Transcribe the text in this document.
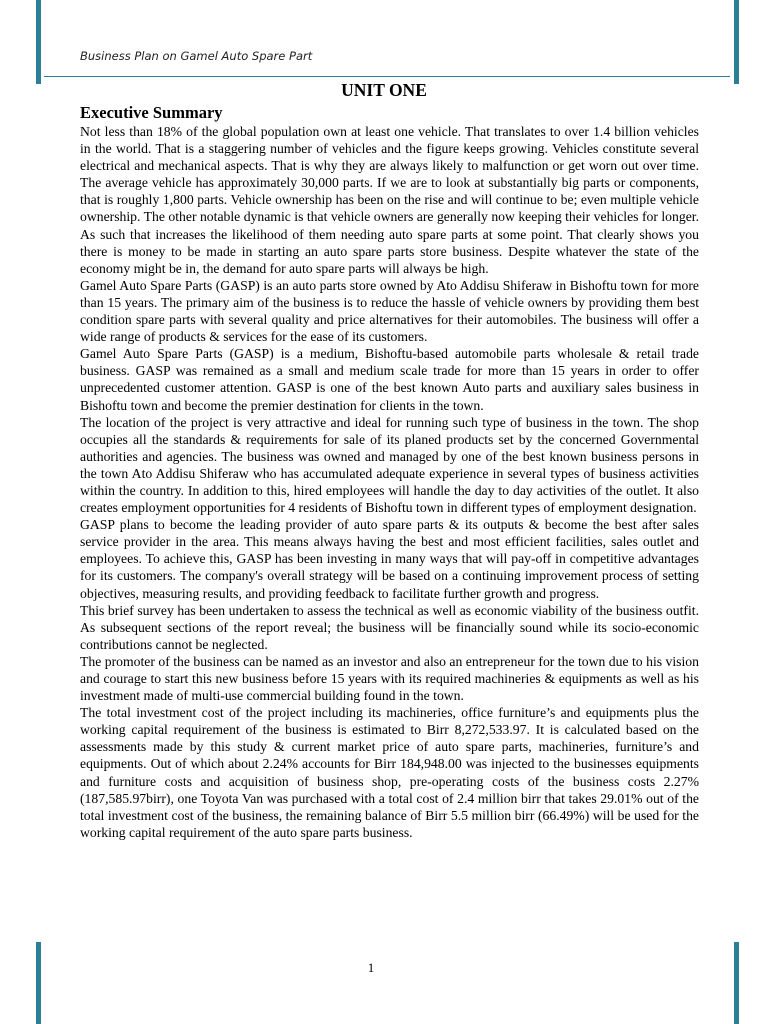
Business Plan on Gamel Auto Spare Part
UNIT ONE
Executive Summary

Not less than 18% of the global population own at least one vehicle. That translates to over 1.4 billion vehicles in the world. That is a staggering number of vehicles and the figure keeps growing. Vehicles constitute several electrical and mechanical aspects. That is why they are always likely to malfunction or get worn out over time. The average vehicle has approximately 30,000 parts. If we are to look at substantially big parts or components, that is roughly 1,800 parts. Vehicle ownership has been on the rise and will continue to be; even multiple vehicle ownership. The other notable dynamic is that vehicle owners are generally now keeping their vehicles for longer. As such that increases the likelihood of them needing auto spare parts at some point. That clearly shows you there is money to be made in starting an auto spare parts store business. Despite whatever the state of the economy might be in, the demand for auto spare parts will always be high.

Gamel Auto Spare Parts (GASP) is an auto parts store owned by Ato Addisu Shiferaw in Bishoftu town for more than 15 years. The primary aim of the business is to reduce the hassle of vehicle owners by providing them best condition spare parts with several quality and price alternatives for their automobiles. The business will offer a wide range of products & services for the ease of its customers.

Gamel Auto Spare Parts (GASP) is a medium, Bishoftu-based automobile parts wholesale & retail trade business. GASP was remained as a small and medium scale trade for more than 15 years in order to offer unprecedented customer attention. GASP is one of the best known Auto parts and auxiliary sales business in Bishoftu town and become the premier destination for clients in the town.

The location of the project is very attractive and ideal for running such type of business in the town. The shop occupies all the standards & requirements for sale of its planed products set by the concerned Governmental authorities and agencies. The business was owned and managed by one of the best known business persons in the town Ato Addisu Shiferaw who has accumulated adequate experience in several types of business activities within the country. In addition to this, hired employees will handle the day to day activities of the outlet. It also creates employment opportunities for 4 residents of Bishoftu town in different types of employment designation.

GASP plans to become the leading provider of auto spare parts & its outputs & become the best after sales service provider in the area. This means always having the best and most efficient facilities, sales outlet and employees. To achieve this, GASP has been investing in many ways that will pay-off in competitive advantages for its customers. The company's overall strategy will be based on a continuing improvement process of setting objectives, measuring results, and providing feedback to facilitate further growth and progress.

This brief survey has been undertaken to assess the technical as well as economic viability of the business outfit. As subsequent sections of the report reveal; the business will be financially sound while its socio-economic contributions cannot be neglected.

The promoter of the business can be named as an investor and also an entrepreneur for the town due to his vision and courage to start this new business before 15 years with its required machineries & equipments as well as his investment made of multi-use commercial building found in the town.

The total investment cost of the project including its machineries, office furniture’s and equipments plus the working capital requirement of the business is estimated to Birr 8,272,533.97. It is calculated based on the assessments made by this study & current market price of auto spare parts, machineries, furniture’s and equipments. Out of which about 2.24% accounts for Birr 184,948.00 was injected to the businesses equipments and furniture costs and acquisition of business shop, pre-operating costs of the business costs 2.27% (187,585.97birr), one Toyota Van was purchased with a total cost of 2.4 million birr that takes 29.01% out of the total investment cost of the business, the remaining balance of Birr 5.5 million birr (66.49%) will be used for the working capital requirement of the auto spare parts business.

1
